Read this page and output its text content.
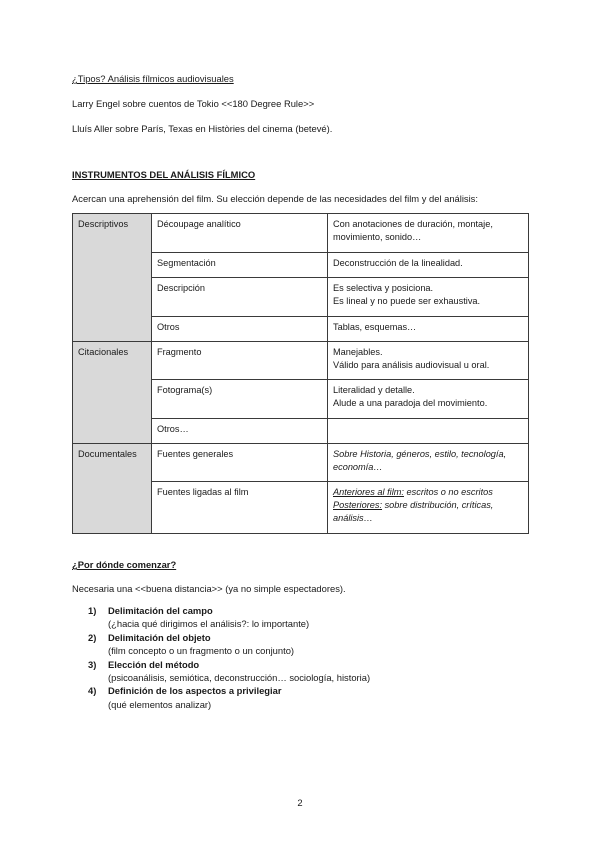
¿Tipos? Análisis fílmicos audiovisuales
Larry Engel sobre cuentos de Tokio <<180 Degree Rule>>
Lluís Aller sobre París, Texas en Històries del cinema (betevé).
INSTRUMENTOS DEL ANÁLISIS FÍLMICO
Acercan una aprehensión del film. Su elección depende de las necesidades del film y del análisis:
Descriptivos	Découpage analítico	Con anotaciones de duración, montaje, movimiento, sonido…
	Segmentación	Deconstrucción de la linealidad.
	Descripción	Es selectiva y posiciona.
Es lineal y no puede ser exhaustiva.

	Otros	Tablas, esquemas…
Citacionales	Fragmento	Manejables.
Válido para análisis audiovisual u oral.

	Fotograma(s)	Literalidad y detalle.
Alude a una paradoja del movimiento.

	Otros…	
Documentales	Fuentes generales	Sobre Historia, géneros, estilo, tecnología, economía…
	Fuentes ligadas al film	Anteriores al film: escritos o no escritos
Posteriores: sobre distribución, críticas, análisis…
¿Por dónde comenzar?
Necesaria una <<buena distancia>> (ya no simple espectadores).
1) Delimitación del campo
(¿hacia qué dirigimos el análisis?: lo importante)
2) Delimitación del objeto
(film concepto o un fragmento o un conjunto)
3) Elección del método
(psicoanálisis, semiótica, deconstrucción… sociología, historia)
4) Definición de los aspectos a privilegiar
(qué elementos analizar)
2
